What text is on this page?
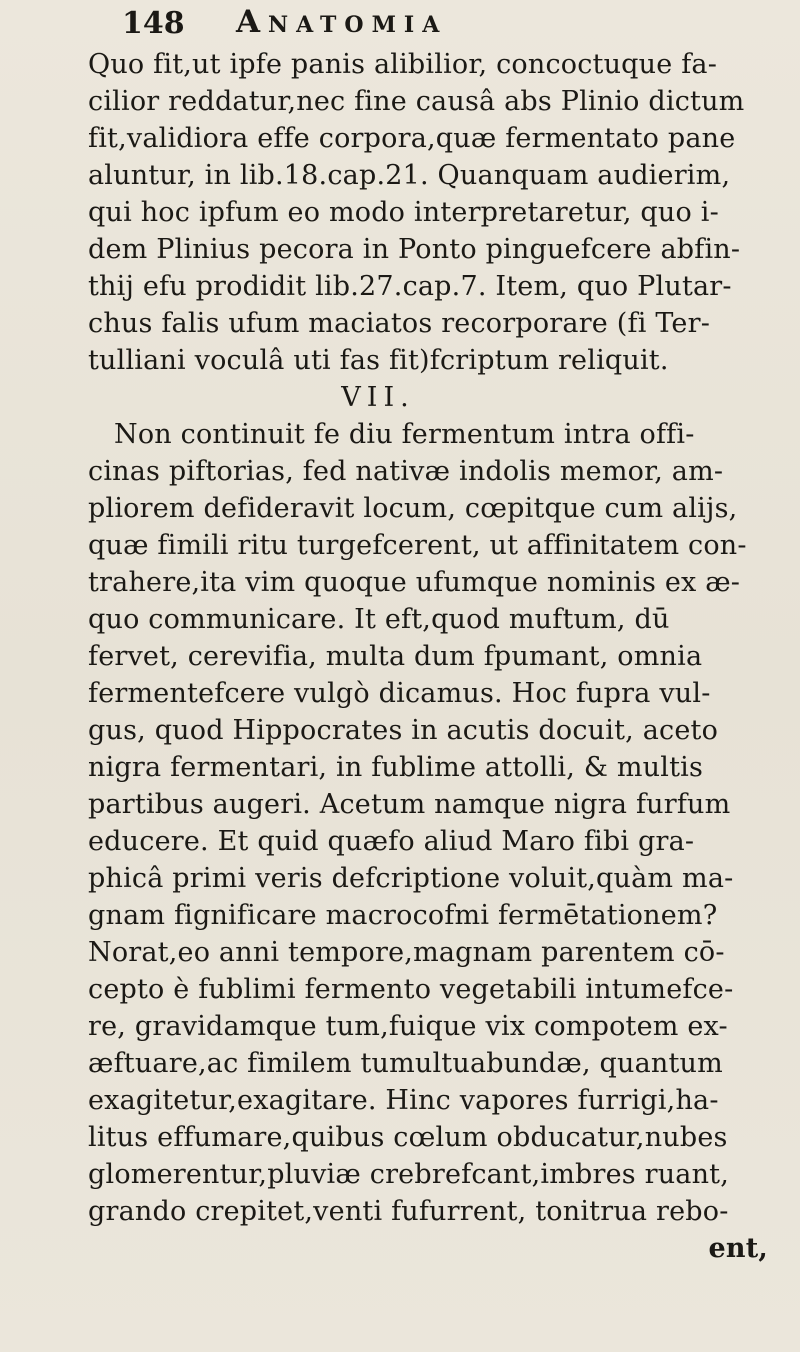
148 Anatomia
Quo fit,ut ipfe panis alibilior, concoctuque fa-
cilior reddatur,nec fine causâ abs Plinio dictum
fit,validiora effe corpora,quæ fermentato pane
aluntur, in lib.18.cap.21. Quanquam audierim,
qui hoc ipfum eo modo interpretaretur, quo i-
dem Plinius pecora in Ponto pinguefcere abfin-
thij efu prodidit lib.27.cap.7. Item, quo Plutar-
chus falis ufum maciatos recorporare (fi Ter-
tulliani voculâ uti fas fit)fcriptum reliquit.
VII.
Non continuit fe diu fermentum intra offi-
cinas piftorias, fed nativæ indolis memor, am-
pliorem defideravit locum, cœpitque cum alijs,
quæ fimili ritu turgefcerent, ut affinitatem con-
trahere,ita vim quoque ufumque nominis ex æ-
quo communicare. It eft,quod muftum, dū
fervet, cerevifia, multa dum fpumant, omnia
fermentefcere vulgò dicamus. Hoc fupra vul-
gus, quod Hippocrates in acutis docuit, aceto
nigra fermentari, in fublime attolli, & multis
partibus augeri. Acetum namque nigra furfum
educere. Et quid quæfo aliud Maro fibi gra-
phicâ primi veris defcriptione voluit,quàm ma-
gnam fignificare macrocofmi fermētationem?
Norat,eo anni tempore,magnam parentem cō-
cepto è fublimi fermento vegetabili intumefce-
re, gravidamque tum,fuique vix compotem ex-
æftuare,ac fimilem tumultuabundæ, quantum
exagitetur,exagitare. Hinc vapores furrigi,ha-
litus effumare,quibus cœlum obducatur,nubes
glomerentur,pluviæ crebrefcant,imbres ruant,
grando crepitet,venti fufurrent, tonitrua rebo-
ent,
